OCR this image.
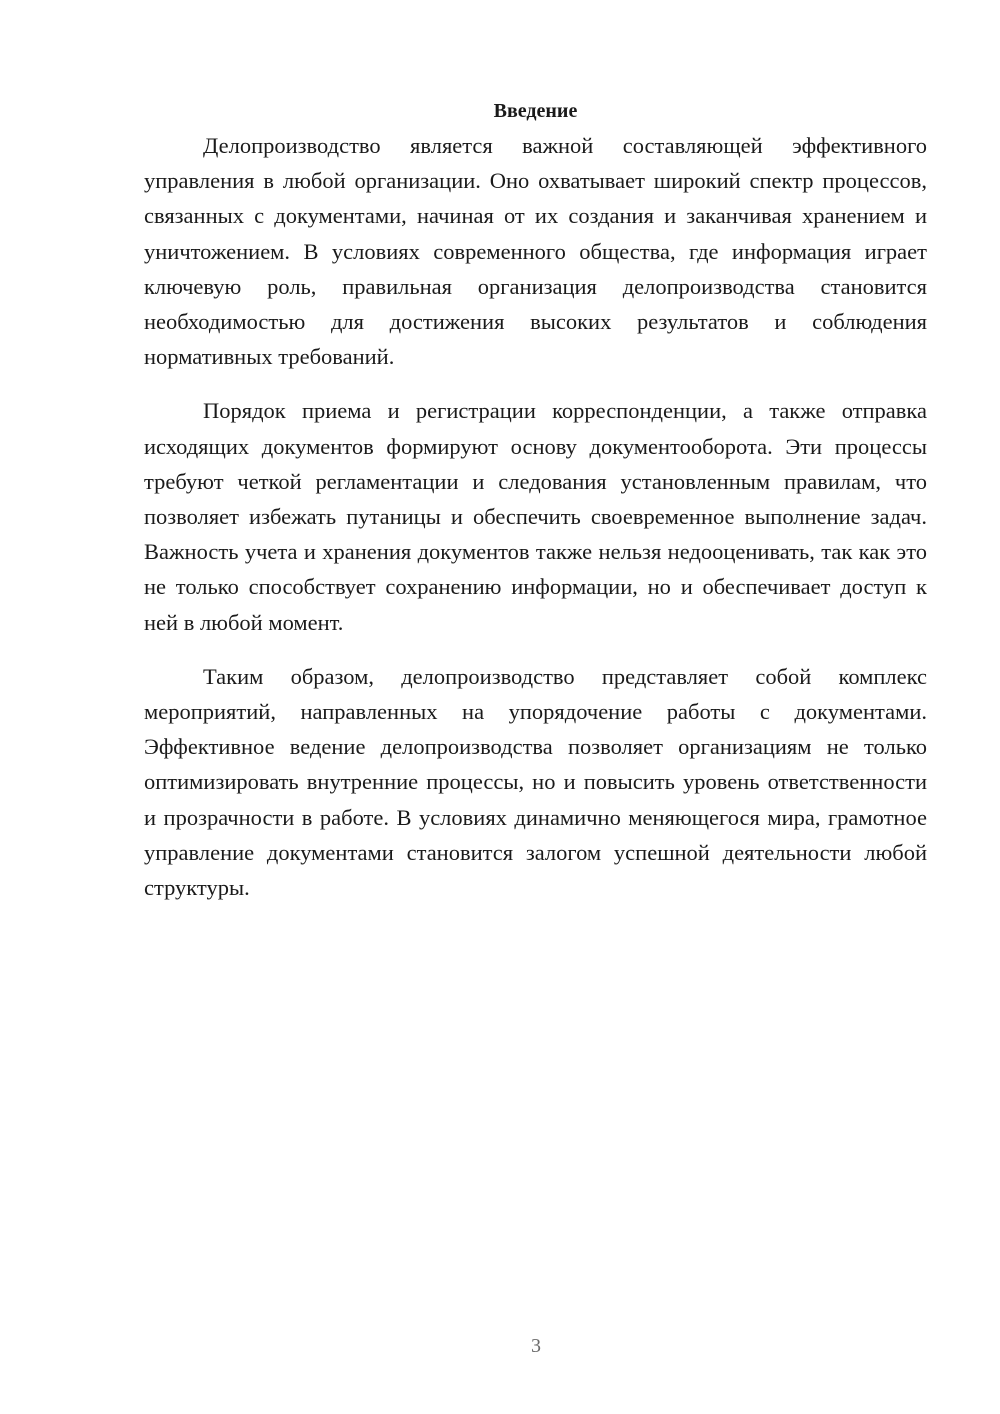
Введение

Делопроизводство является важной составляющей эффективного управления в любой организации. Оно охватывает широкий спектр процессов, связанных с документами, начиная от их создания и заканчивая хранением и уничтожением. В условиях современного общества, где информация играет ключевую роль, правильная организация делопроизводства становится необходимостью для достижения высоких результатов и соблюдения нормативных требований.

Порядок приема и регистрации корреспонденции, а также отправка исходящих документов формируют основу документооборота. Эти процессы требуют четкой регламентации и следования установленным правилам, что позволяет избежать путаницы и обеспечить своевременное выполнение задач. Важность учета и хранения документов также нельзя недооценивать, так как это не только способствует сохранению информации, но и обеспечивает доступ к ней в любой момент.

Таким образом, делопроизводство представляет собой комплекс мероприятий, направленных на упорядочение работы с документами. Эффективное ведение делопроизводства позволяет организациям не только оптимизировать внутренние процессы, но и повысить уровень ответственности и прозрачности в работе. В условиях динамично меняющегося мира, грамотное управление документами становится залогом успешной деятельности любой структуры.

3
